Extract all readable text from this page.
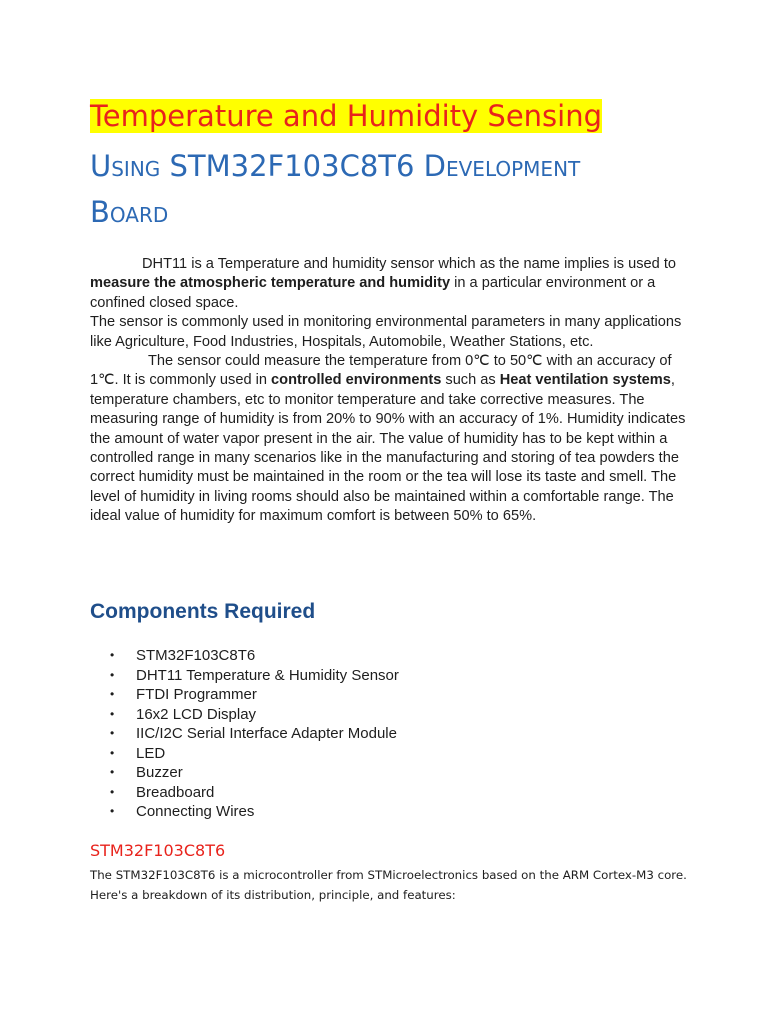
Temperature and Humidity Sensing
Using STM32F103C8T6 Development Board

DHT11 is a Temperature and humidity sensor which as the name implies is used to measure the atmospheric temperature and humidity in a particular environment or a confined closed space.

The sensor is commonly used in monitoring environmental parameters in many applications like Agriculture, Food Industries, Hospitals, Automobile, Weather Stations, etc.

The sensor could measure the temperature from 0℃ to 50℃ with an accuracy of 1℃. It is commonly used in controlled environments such as Heat ventilation systems, temperature chambers, etc to monitor temperature and take corrective measures. The measuring range of humidity is from 20% to 90% with an accuracy of 1%. Humidity indicates the amount of water vapor present in the air. The value of humidity has to be kept within a controlled range in many scenarios like in the manufacturing and storing of tea powders the correct humidity must be maintained in the room or the tea will lose its taste and smell. The level of humidity in living rooms should also be maintained within a comfortable range. The ideal value of humidity for maximum comfort is between 50% to 65%.

Components Required
• STM32F103C8T6
• DHT11 Temperature & Humidity Sensor
• FTDI Programmer
• 16x2 LCD Display
• IIC/I2C Serial Interface Adapter Module
• LED
• Buzzer
• Breadboard
• Connecting Wires
STM32F103C8T6

The STM32F103C8T6 is a microcontroller from STMicroelectronics based on the ARM Cortex-M3 core. Here's a breakdown of its distribution, principle, and features:
